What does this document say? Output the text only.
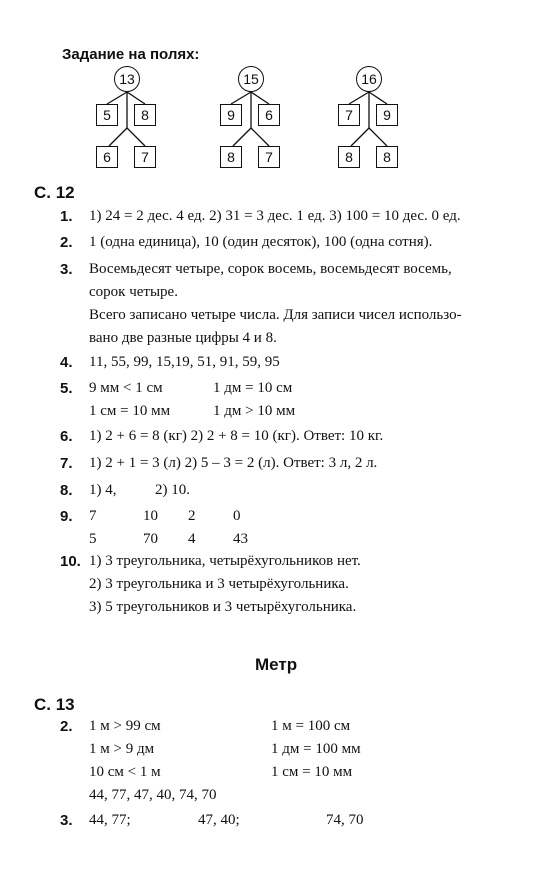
Задание на полях:
13
5	8
6	7
15
9	6
8	7
16
7	9
8	8
С. 12
1. 1) 24 = 2 дес. 4 ед. 2) 31 = 3 дес. 1 ед. 3) 100 = 10 дес. 0 ед.
2. 1 (одна единица), 10 (один десяток), 100 (одна сотня).
3. Восемьдесят четыре, сорок восемь, восемьдесят восемь,
сорок четыре.
Всего записано четыре числа. Для записи чисел использо-
вано две разные цифры 4 и 8.
4. 11, 55, 99, 15,19, 51, 91, 59, 95
5. 9 мм < 1 см	1 дм = 10 см
1 см = 10 мм	1 дм > 10 мм
6. 1) 2 + 6 = 8 (кг) 2) 2 + 8 = 10 (кг). Ответ: 10 кг.
7. 1) 2 + 1 = 3 (л) 2) 5 – 3 = 2 (л). Ответ: 3 л, 2 л.
8. 1) 4,	2) 10.
9. 7	10 2	0
5	70 4	43
10. 1) 3 треугольника, четырёхугольников нет.
2) 3 треугольника и 3 четырёхугольника.
3) 5 треугольников и 3 четырёхугольника.
Метр
С. 13
2. 1 м > 99 см	1 м = 100 см
1 м > 9 дм	1 дм = 100 мм
10 см < 1 м	1 см = 10 мм
44, 77, 47, 40, 74, 70
3. 44, 77;	47, 40;	74, 70
